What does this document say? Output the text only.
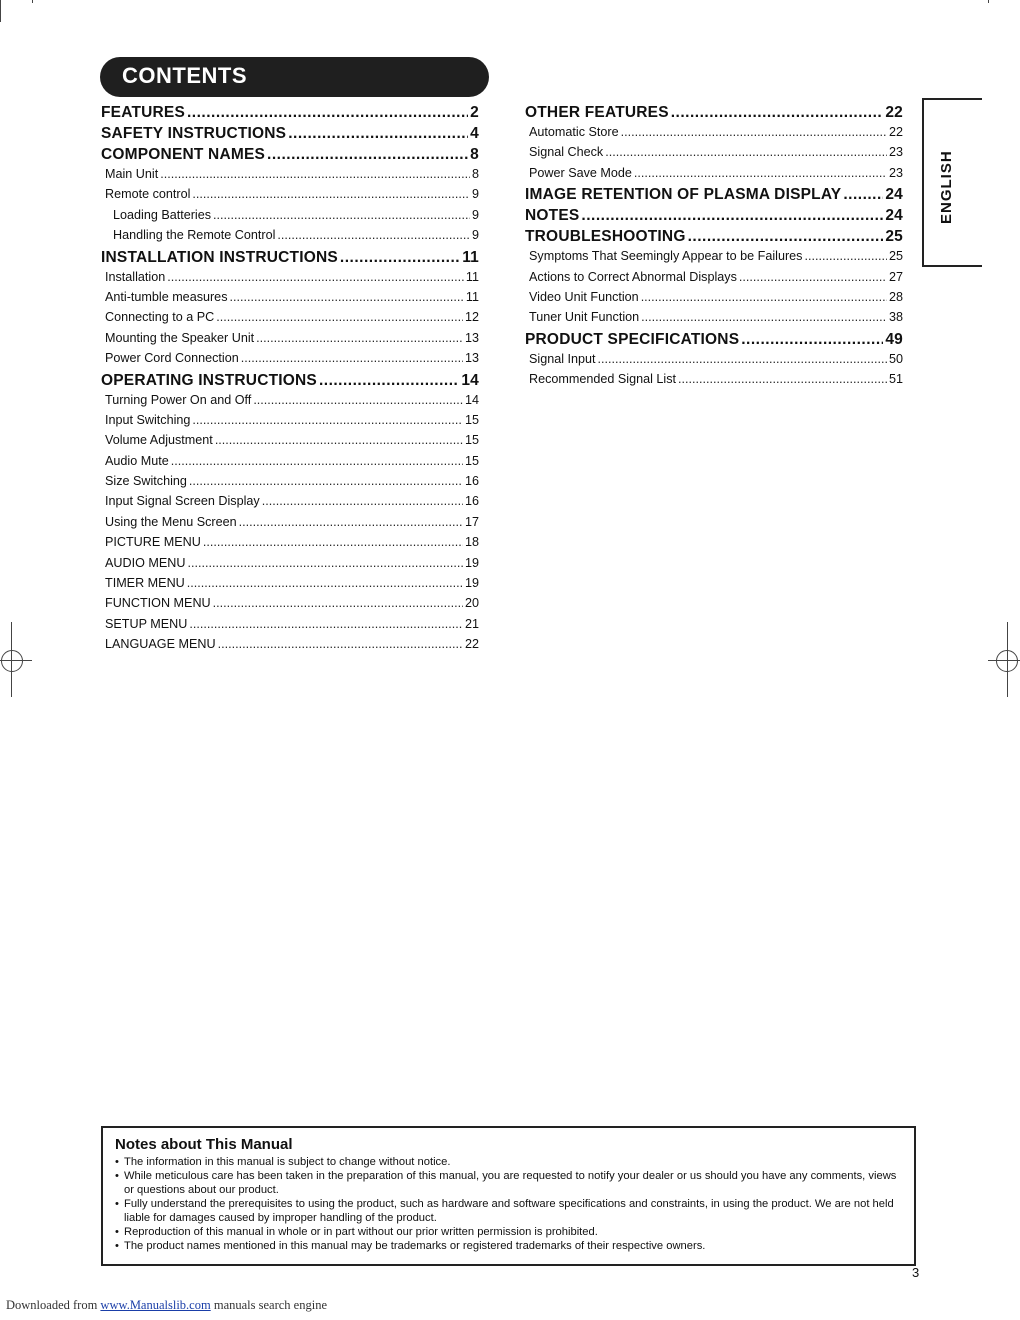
CONTENTS
FEATURES .....	2
SAFETY INSTRUCTIONS .....	4
COMPONENT NAMES .....	8
Main Unit .....	8
Remote control .....	9
Loading Batteries .....	9
Handling the Remote Control .....	9
INSTALLATION INSTRUCTIONS .....	11
Installation .....	11
Anti-tumble measures .....	11
Connecting to a PC .....	12
Mounting the Speaker Unit .....	13
Power Cord Connection .....	13
OPERATING INSTRUCTIONS .....	14
Turning Power On and Off .....	14
Input Switching .....	15
Volume Adjustment .....	15
Audio Mute .....	15
Size Switching .....	16
Input Signal Screen Display .....	16
Using the Menu Screen .....	17
PICTURE MENU .....	18
AUDIO MENU .....	19
TIMER MENU .....	19
FUNCTION MENU .....	20
SETUP MENU .....	21
LANGUAGE MENU .....	22
OTHER FEATURES .....	22
Automatic Store .....	22
Signal Check .....	23
Power Save Mode .....	23
IMAGE RETENTION OF PLASMA DISPLAY .....	24
NOTES .....	24
TROUBLESHOOTING .....	25
Symptoms That Seemingly Appear to be Failures .....	25
Actions to Correct Abnormal Displays .....	27
Video Unit Function .....	28
Tuner Unit Function .....	38
PRODUCT SPECIFICATIONS .....	49
Signal Input .....	50
Recommended Signal List .....	51
ENGLISH
Notes about This Manual
• The information in this manual is subject to change without notice.
• While meticulous care has been taken in the preparation of this manual, you are requested to notify your dealer or us should you have any comments, views or questions about our product.
• Fully understand the prerequisites to using the product, such as hardware and software specifications and constraints, in using the product. We are not held liable for damages caused by improper handling of the product.
• Reproduction of this manual in whole or in part without our prior written permission is prohibited.
• The product names mentioned in this manual may be trademarks or registered trademarks of their respective owners.
3
Downloaded from www.Manualslib.com manuals search engine
